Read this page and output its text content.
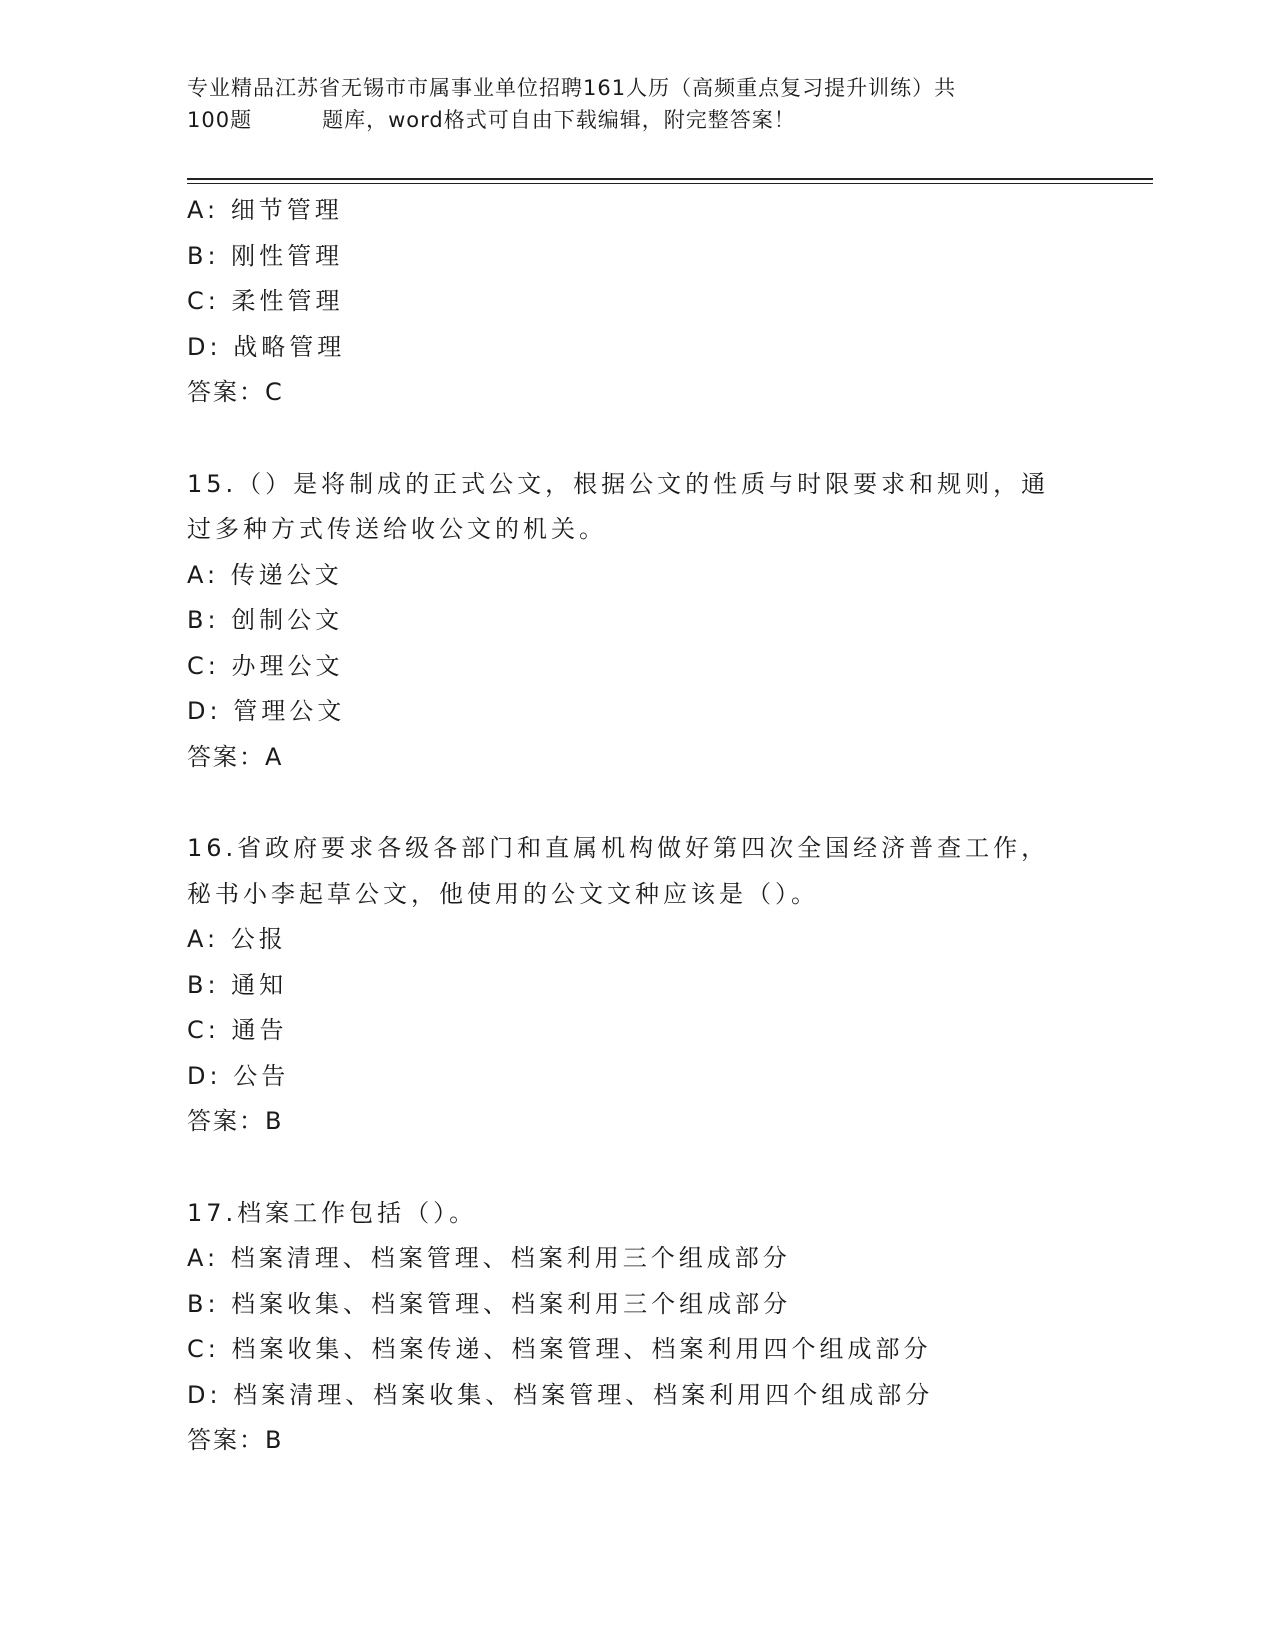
专业精品江苏省无锡市市属事业单位招聘161人历（高频重点复习提升训练）共
100题	题库，word格式可自由下载编辑，附完整答案！
A: 细节管理
B: 刚性管理
C: 柔性管理
D: 战略管理
答案：C
15.（）是将制成的正式公文，根据公文的性质与时限要求和规则，通
过多种方式传送给收公文的机关。
A: 传递公文
B: 创制公文
C: 办理公文
D: 管理公文
答案：A
16.省政府要求各级各部门和直属机构做好第四次全国经济普查工作，
秘书小李起草公文，他使用的公文文种应该是（）。
A: 公报
B: 通知
C: 通告
D: 公告
答案：B
17.档案工作包括（）。
A: 档案清理、档案管理、档案利用三个组成部分
B: 档案收集、档案管理、档案利用三个组成部分
C: 档案收集、档案传递、档案管理、档案利用四个组成部分
D: 档案清理、档案收集、档案管理、档案利用四个组成部分
答案：B
